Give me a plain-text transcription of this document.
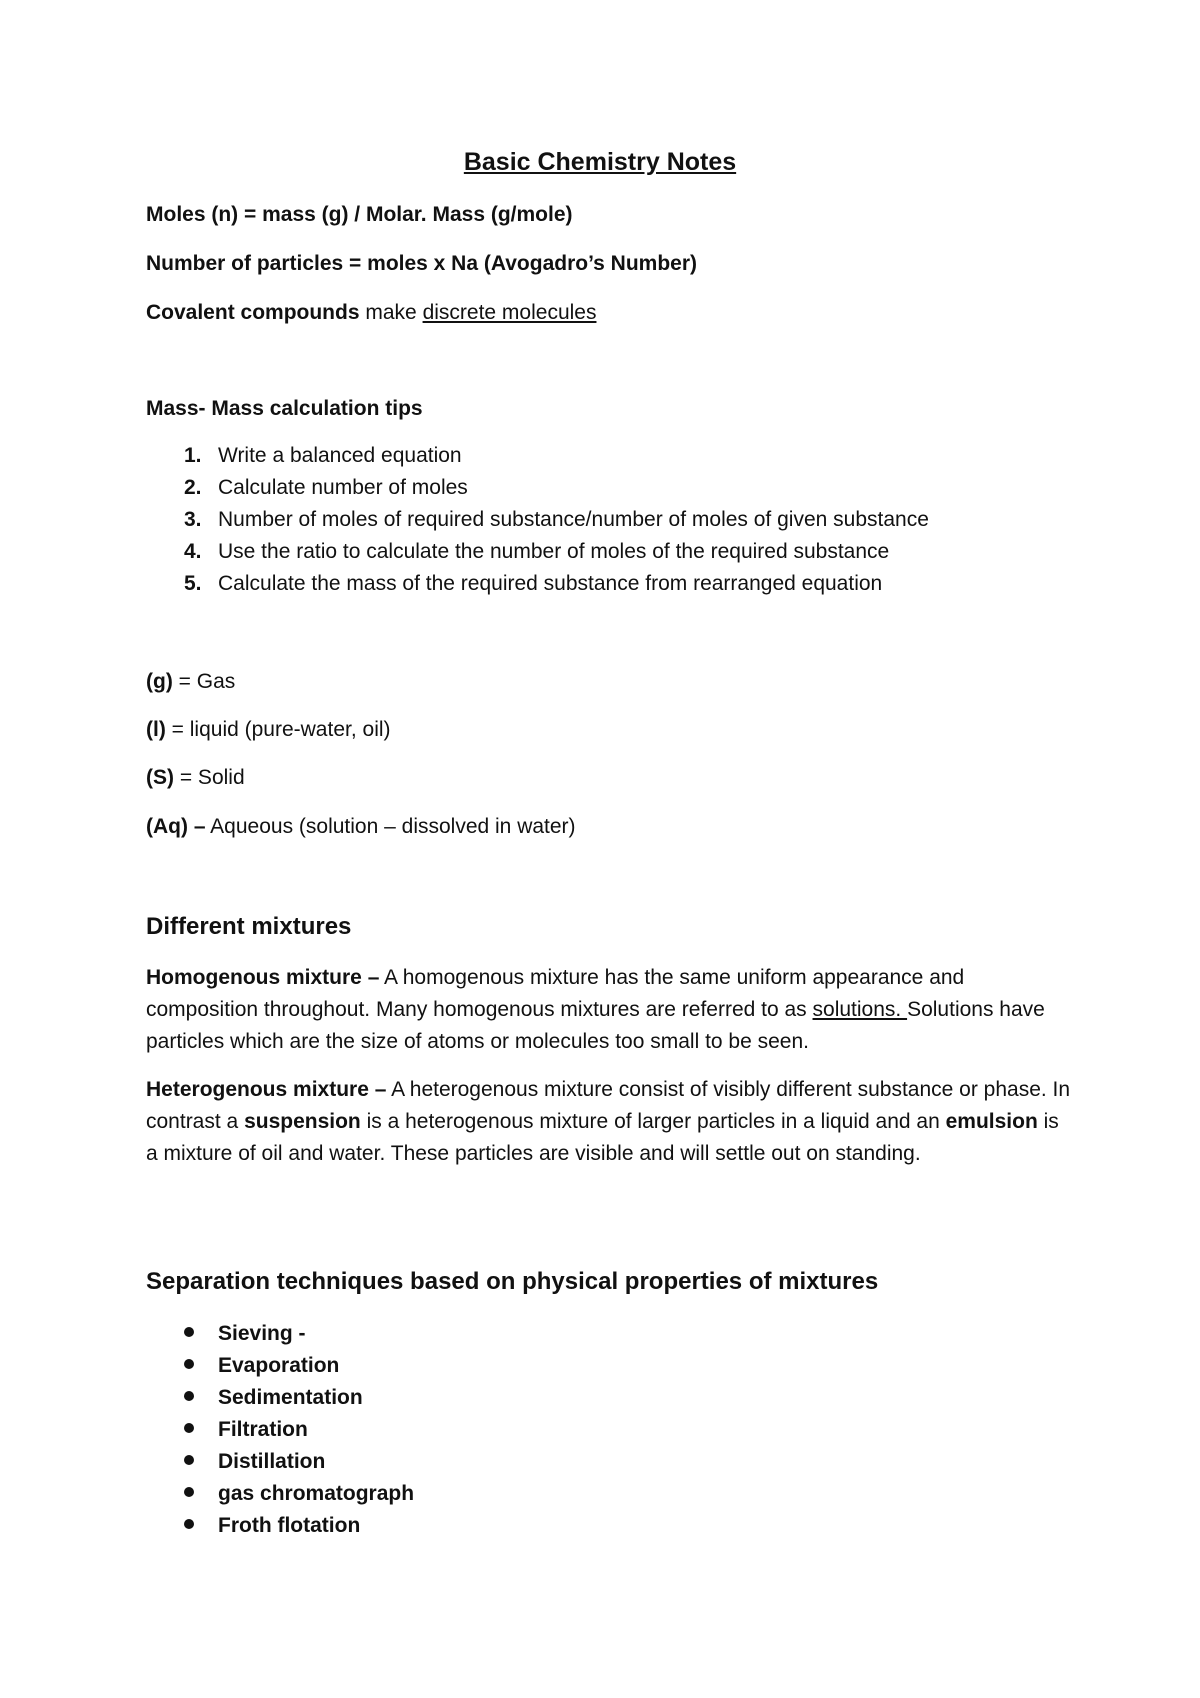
Basic Chemistry Notes
Moles (n) = mass (g) / Molar. Mass (g/mole)
Number of particles = moles x Na (Avogadro’s Number)
Covalent compounds make discrete molecules
Mass- Mass calculation tips
1. Write a balanced equation
2. Calculate number of moles
3. Number of moles of required substance/number of moles of given substance
4. Use the ratio to calculate the number of moles of the required substance
5. Calculate the mass of the required substance from rearranged equation
(g) = Gas
(l) = liquid (pure-water, oil)
(S) = Solid
(Aq) – Aqueous (solution – dissolved in water)
Different mixtures
Homogenous mixture – A homogenous mixture has the same uniform appearance and composition throughout. Many homogenous mixtures are referred to as solutions. Solutions have particles which are the size of atoms or molecules too small to be seen.
Heterogenous mixture – A heterogenous mixture consist of visibly different substance or phase. In contrast a suspension is a heterogenous mixture of larger particles in a liquid and an emulsion is a mixture of oil and water. These particles are visible and will settle out on standing.
Separation techniques based on physical properties of mixtures
Sieving -
Evaporation
Sedimentation
Filtration
Distillation
gas chromatograph
Froth flotation
